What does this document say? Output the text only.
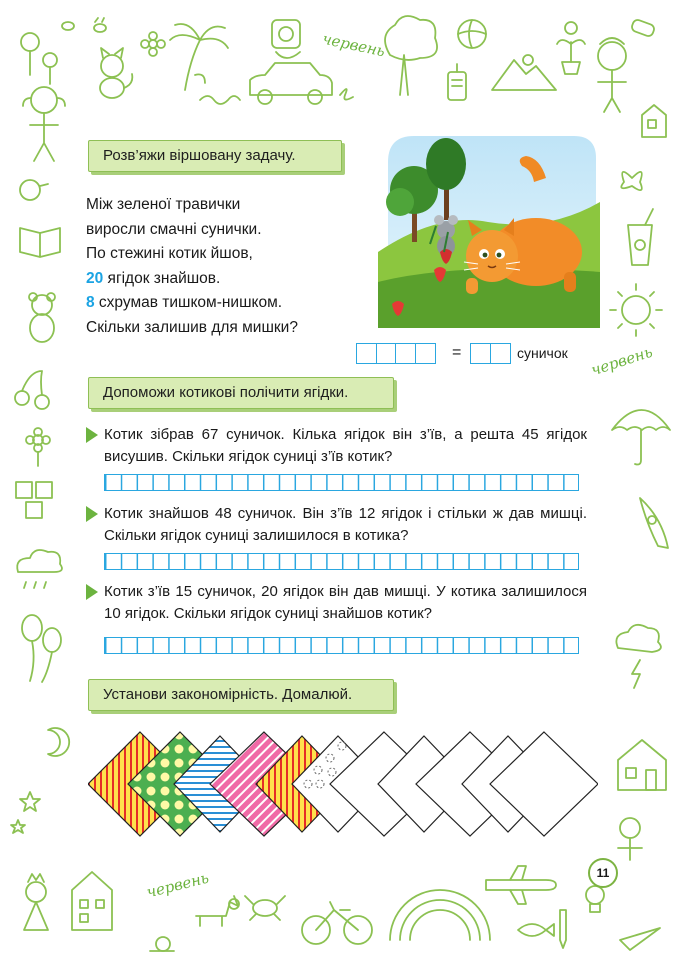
червень
червень
червень
Розв’яжи віршовану задачу.
Між зеленої травички
виросли смачні сунички.
По стежині котик йшов,
20 ягідок знайшов.
8 схрумав тишком-нишком.
Скільки залишив для мишки?
=	суничок
Допоможи котикові полічити ягідки.
Котик зібрав 67 суничок. Кілька ягідок він з’їв, а решта 45 ягідок висушив. Скільки ягідок суниці з’їв котик?
Котик знайшов 48 суничок. Він з’їв 12 ягідок і стільки ж дав мишці. Скільки ягідок суниці залишилося в котика?
Котик з’їв 15 суничок, 20 ягідок він дав мишці. У котика залишилося 10 ягідок. Скільки ягідок суниці знайшов котик?
Установи закономірність. Домалюй.
11
